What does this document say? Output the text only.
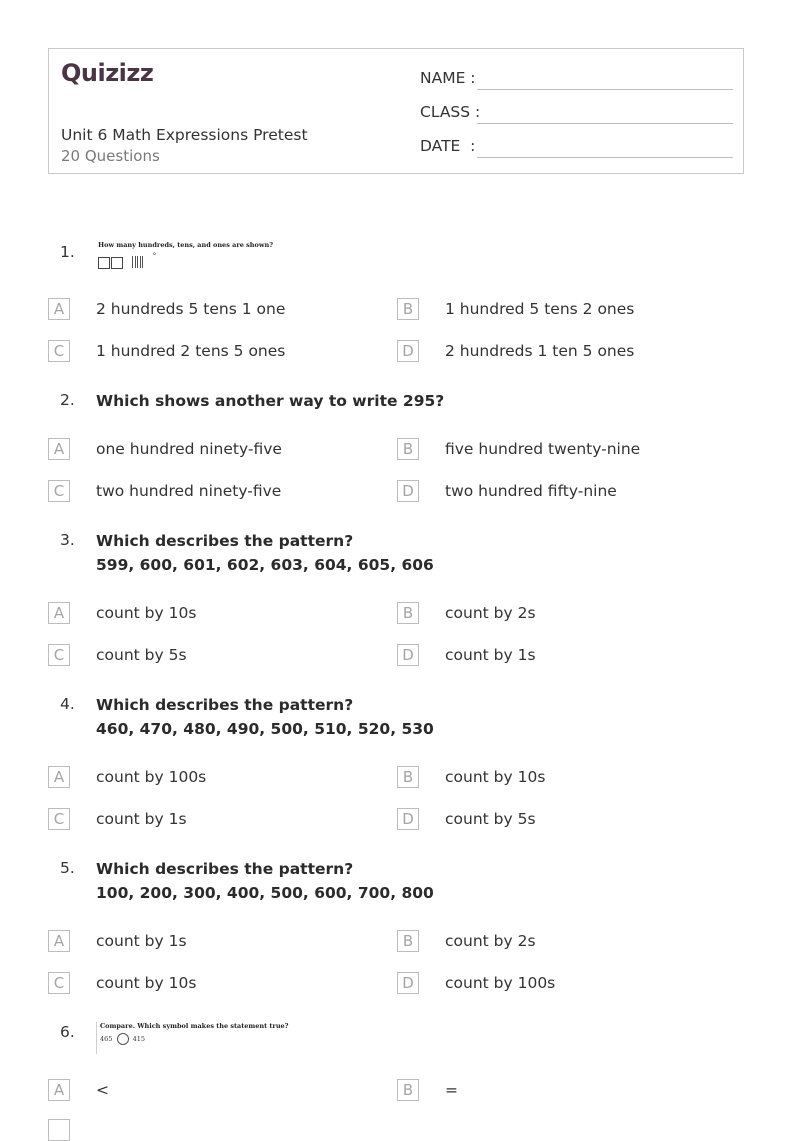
Quizizz
Unit 6 Math Expressions Pretest
20 Questions
NAME :
CLASS :
DATE  :
1.	How many hundreds, tens, and ones are shown?
°
A	2 hundreds 5 tens 1 one	B	1 hundred 5 tens 2 ones
C	1 hundred 2 tens 5 ones	D	2 hundreds 1 ten 5 ones
2. Which shows another way to write 295?
A	one hundred ninety-five	B	five hundred twenty-nine
C	two hundred ninety-five	D	two hundred fifty-nine
3. Which describes the pattern?
599, 600, 601, 602, 603, 604, 605, 606
A	count by 10s	B	count by 2s
C	count by 5s	D	count by 1s
4. Which describes the pattern?
460, 470, 480, 490, 500, 510, 520, 530
A	count by 100s	B	count by 10s
C	count by 1s	D	count by 5s
5. Which describes the pattern?
100, 200, 300, 400, 500, 600, 700, 800
A	count by 1s	B	count by 2s
C	count by 10s	D	count by 100s
6.	Compare. Which symbol makes the statement true?
465	415
A	<	B	=
